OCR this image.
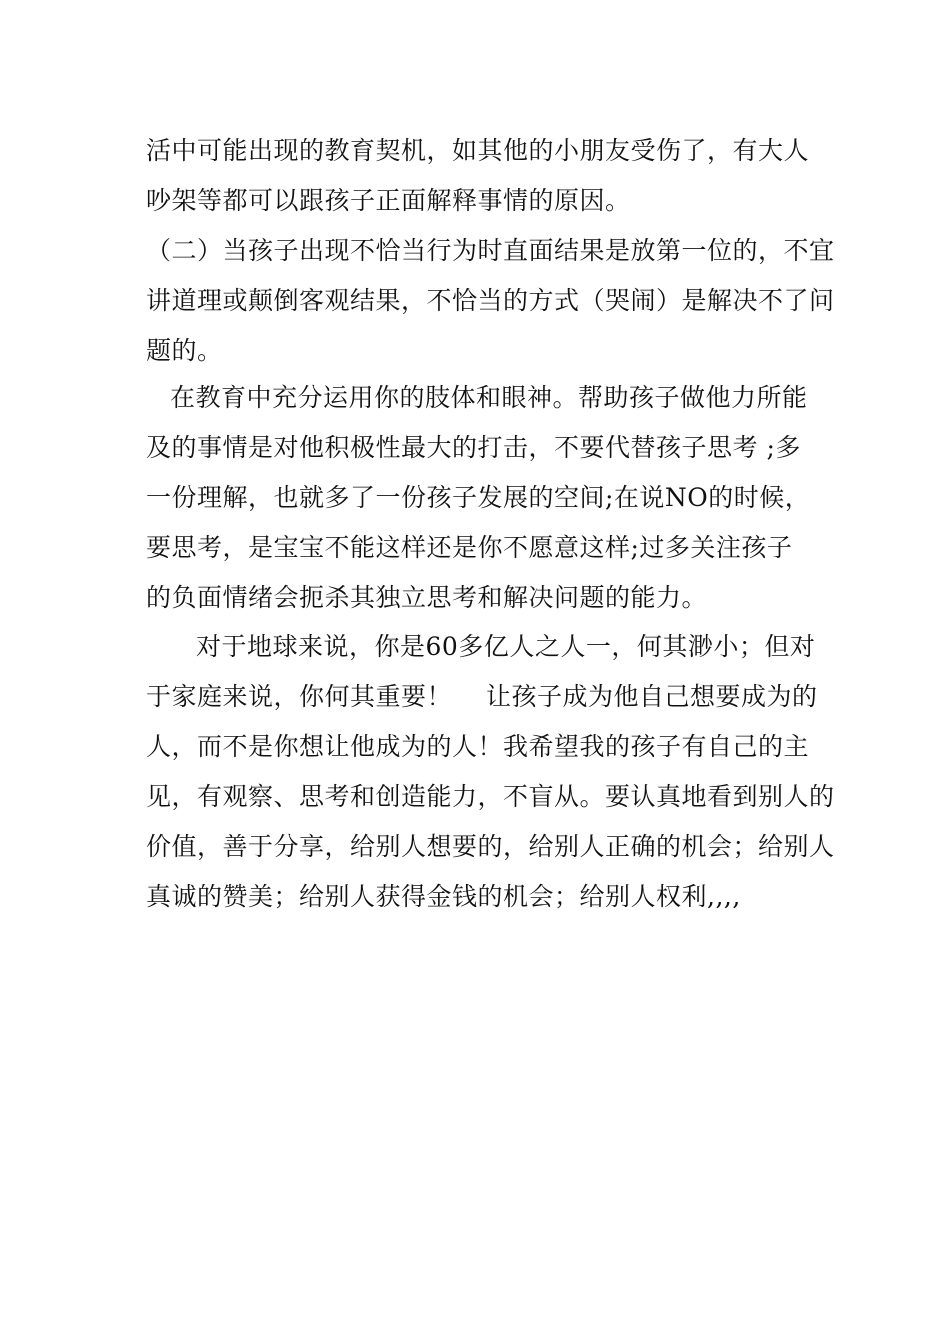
活中可能出现的教育契机，如其他的小朋友受伤了，有大人
吵架等都可以跟孩子正面解释事情的原因。
（二）当孩子出现不恰当行为时直面结果是放第一位的，不宜
讲道理或颠倒客观结果，不恰当的方式（哭闹）是解决不了问
题的。
在教育中充分运用你的肢体和眼神。帮助孩子做他力所能
及的事情是对他积极性最大的打击，不要代替孩子思考 ;多
一份理解，也就多了一份孩子发展的空间;在说NO的时候，
要思考，是宝宝不能这样还是你不愿意这样;过多关注孩子
的负面情绪会扼杀其独立思考和解决问题的能力。
对于地球来说，你是60多亿人之人一，何其渺小；但对
于家庭来说，你何其重要！　 让孩子成为他自己想要成为的
人，而不是你想让他成为的人！我希望我的孩子有自己的主
见，有观察、思考和创造能力，不盲从。要认真地看到别人的
价值，善于分享，给别人想要的，给别人正确的机会；给别人
真诚的赞美；给别人获得金钱的机会；给别人权利,,,,
